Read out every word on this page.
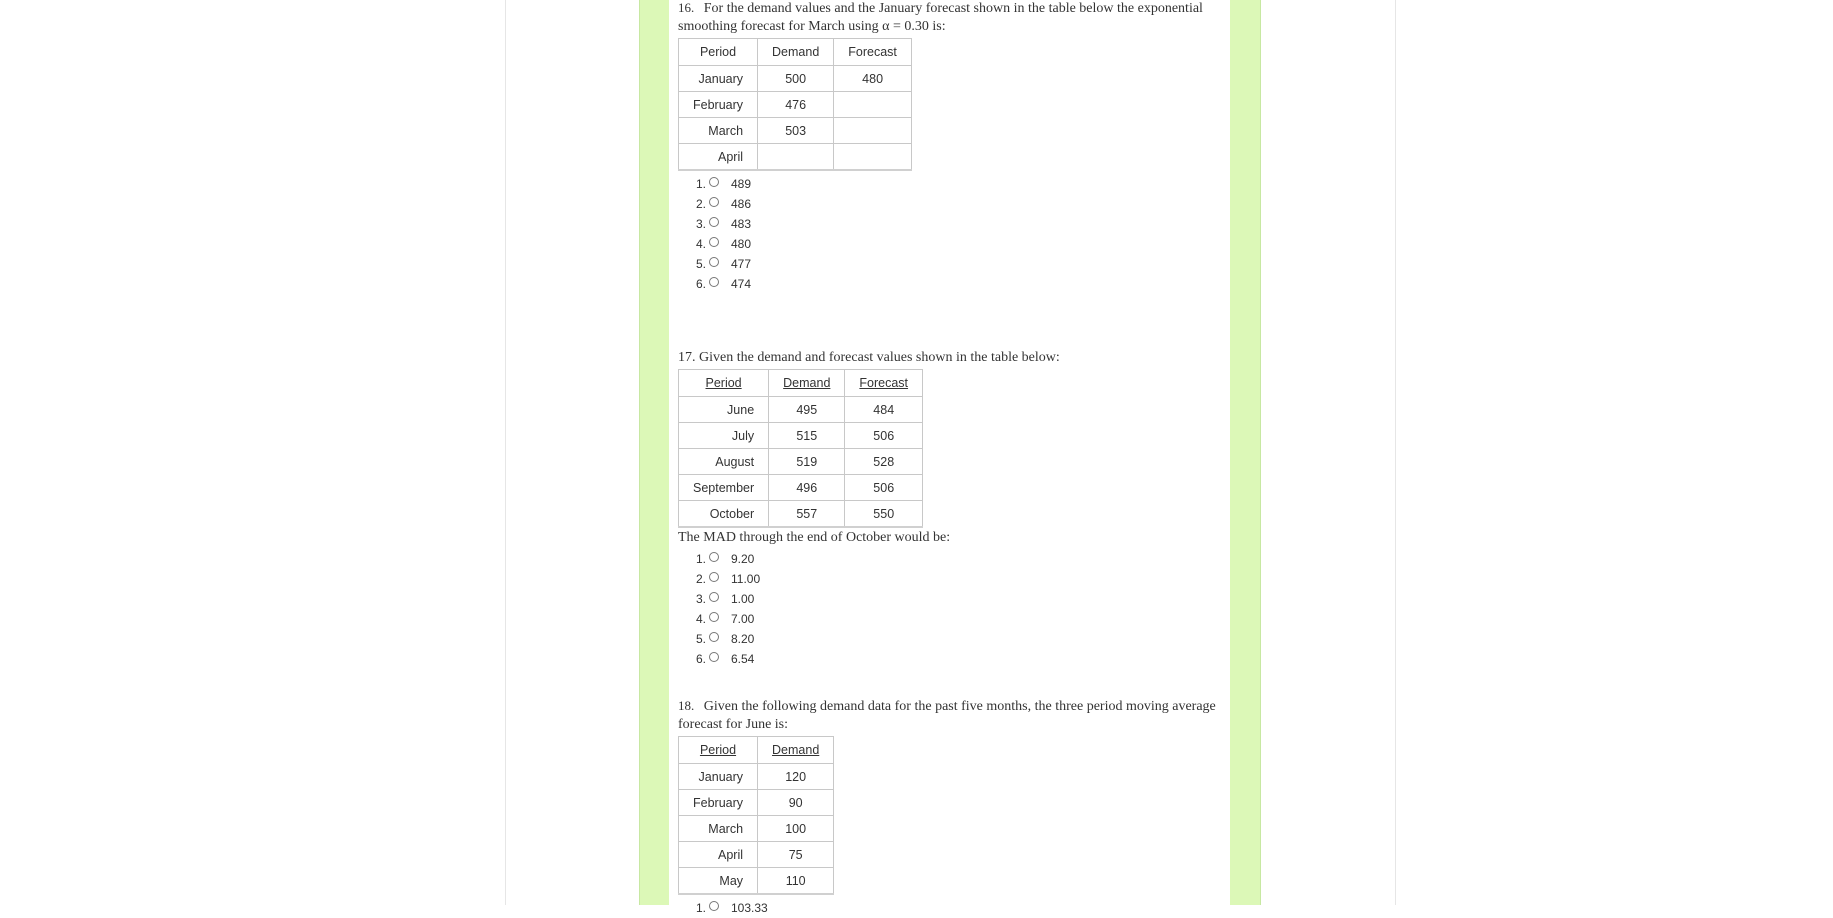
16. For the demand values and the January forecast shown in the table below the exponential smoothing forecast for March using α = 0.30 is:
Period	Demand	Forecast
January	500	480
February	476	
March	503	
April		
1. 489
2. 486
3. 483
4. 480
5. 477
6. 474
17. Given the demand and forecast values shown in the table below:
Period	Demand	Forecast
June	495	484
July	515	506
August	519	528
September	496	506
October	557	550
The MAD through the end of October would be:
1. 9.20
2. 11.00
3. 1.00
4. 7.00
5. 8.20
6. 6.54
18. Given the following demand data for the past five months, the three period moving average forecast for June is:
Period	Demand
January	120
February	90
March	100
April	75
May	110
1. 103.33
